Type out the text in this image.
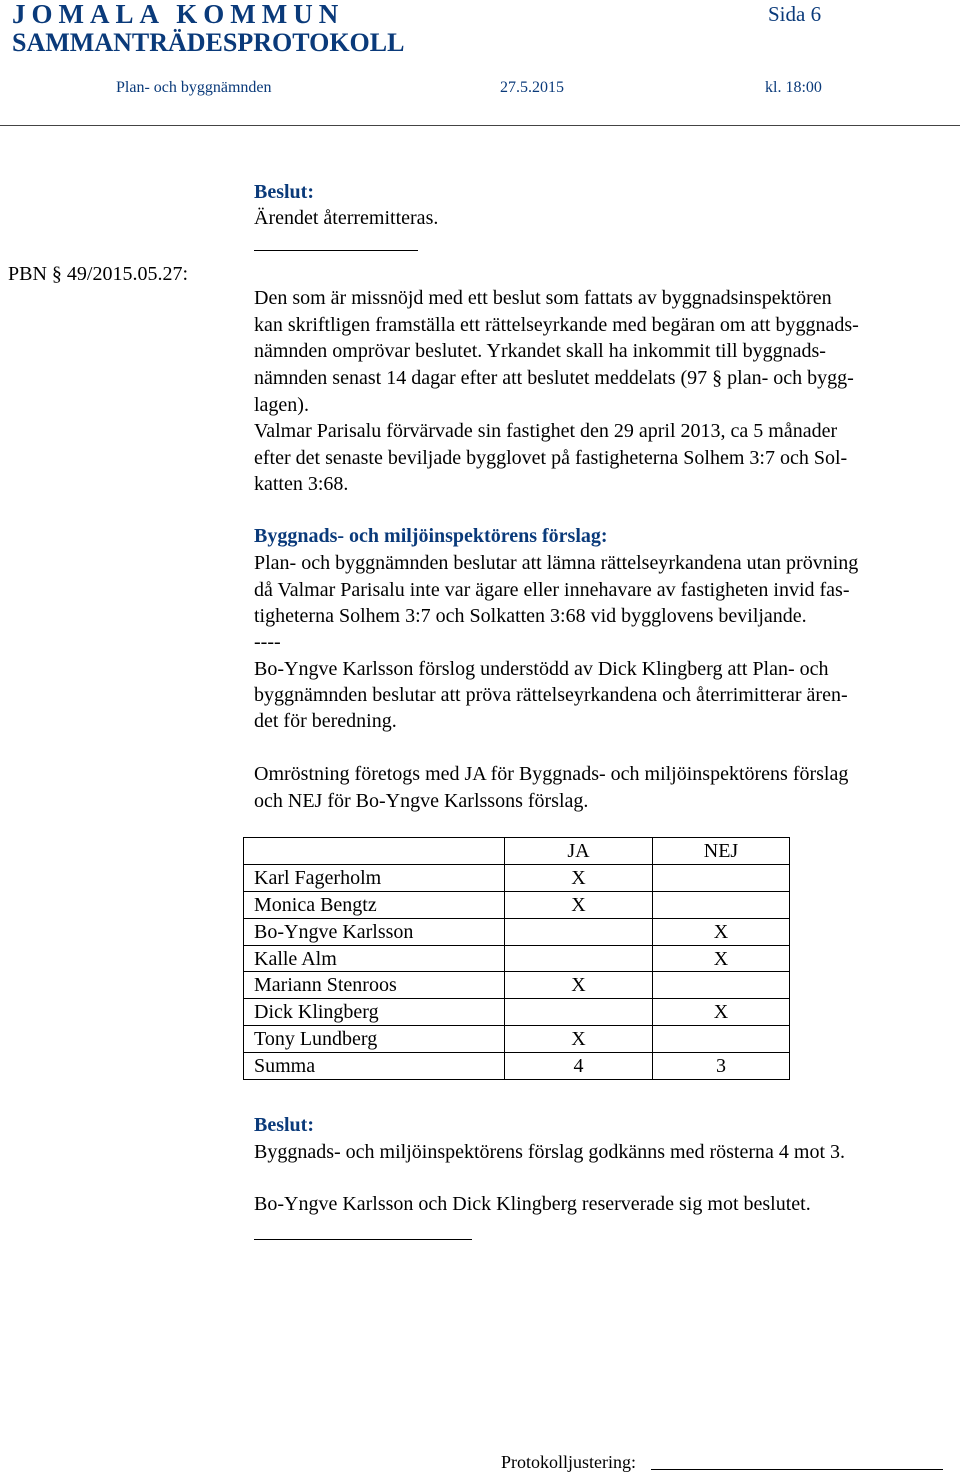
JOMALA KOMMUN	Sida 6
SAMMANTRÄDESPROTOKOLL
Plan- och byggnämnden	27.5.2015	kl. 18:00
Beslut:
Ärendet återremitteras.
PBN § 49/2015.05.27:
Den som är missnöjd med ett beslut som fattats av byggnadsinspektören
kan skriftligen framställa ett rättelseyrkande med begäran om att byggnads-
nämnden omprövar beslutet. Yrkandet skall ha inkommit till byggnads-
nämnden senast 14 dagar efter att beslutet meddelats (97 § plan- och bygg-
lagen).
Valmar Parisalu förvärvade sin fastighet den 29 april 2013, ca 5 månader
efter det senaste beviljade bygglovet på fastigheterna Solhem 3:7 och Sol-
katten 3:68.
Byggnads- och miljöinspektörens förslag:
Plan- och byggnämnden beslutar att lämna rättelseyrkandena utan prövning
då Valmar Parisalu inte var ägare eller innehavare av fastigheten invid fas-
tigheterna Solhem 3:7 och Solkatten 3:68 vid bygglovens beviljande.
----
Bo-Yngve Karlsson förslog understödd av Dick Klingberg att Plan- och
byggnämnden beslutar att pröva rättelseyrkandena och återrimitterar ären-
det för beredning.
Omröstning företogs med JA för Byggnads- och miljöinspektörens förslag
och NEJ för Bo-Yngve Karlssons förslag.
	JA	NEJ
Karl Fagerholm	X	
Monica Bengtz	X	
Bo-Yngve Karlsson		X
Kalle Alm		X
Mariann Stenroos	X	
Dick Klingberg		X
Tony Lundberg	X	
Summa	4	3
Beslut:
Byggnads- och miljöinspektörens förslag godkänns med rösterna 4 mot 3.
Bo-Yngve Karlsson och Dick Klingberg reserverade sig mot beslutet.
Protokolljustering:
